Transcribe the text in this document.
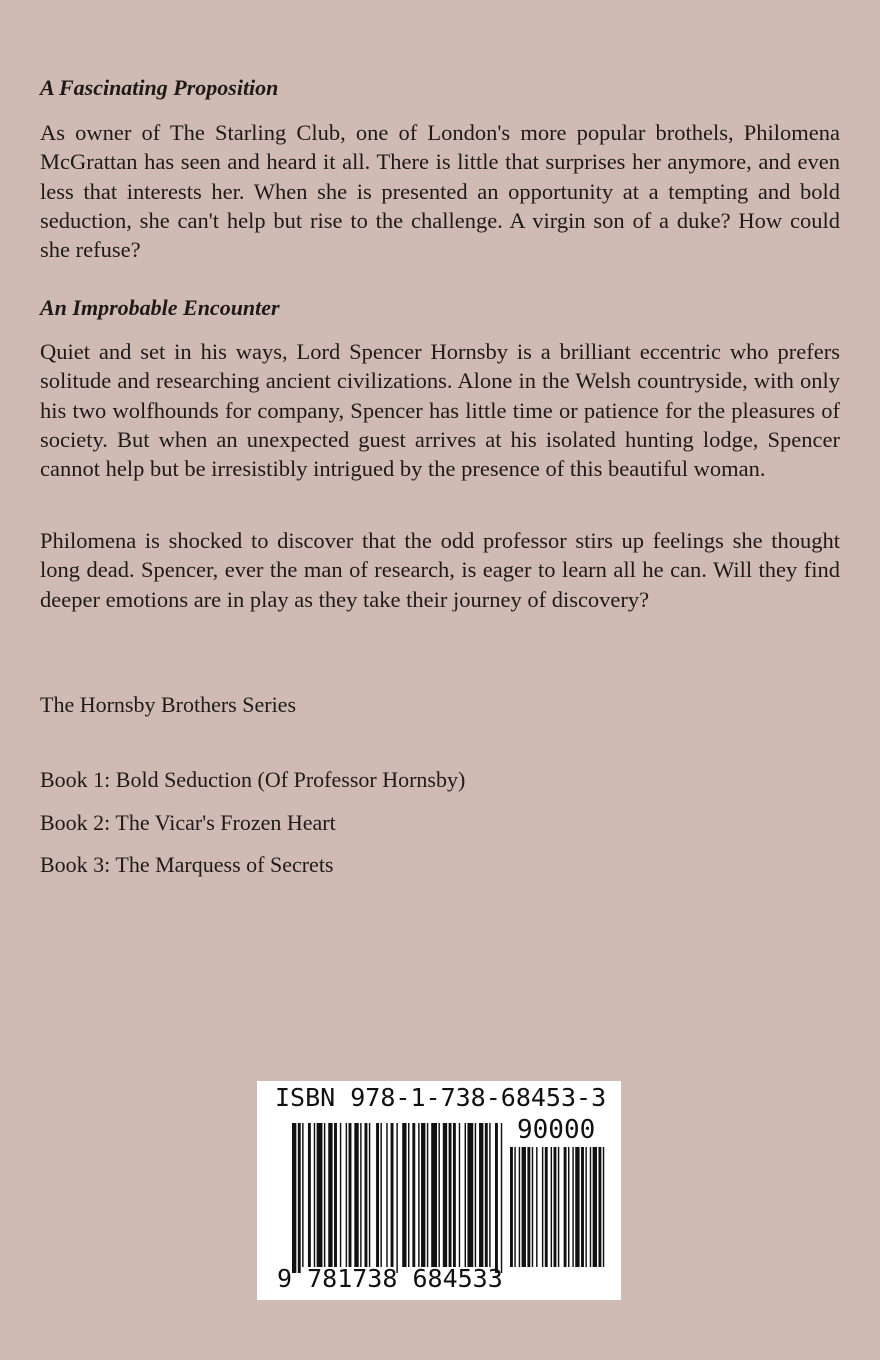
A Fascinating Proposition

As owner of The Starling Club, one of London's more popular brothels, Philomena McGrattan has seen and heard it all. There is little that surprises her anymore, and even less that interests her. When she is presented an opportunity at a tempting and bold seduction, she can't help but rise to the challenge. A virgin son of a duke? How could she refuse?

An Improbable Encounter

Quiet and set in his ways, Lord Spencer Hornsby is a brilliant eccentric who prefers solitude and researching ancient civilizations. Alone in the Welsh countryside, with only his two wolfhounds for company, Spencer has little time or patience for the pleasures of society. But when an unexpected guest arrives at his isolated hunting lodge, Spencer cannot help but be irresistibly intrigued by the presence of this beautiful woman.

Philomena is shocked to discover that the odd professor stirs up feelings she thought long dead. Spencer, ever the man of research, is eager to learn all he can. Will they find deeper emotions are in play as they take their journey of discovery?

The Hornsby Brothers Series
Book 1: Bold Seduction (Of Professor Hornsby)
Book 2: The Vicar's Frozen Heart
Book 3: The Marquess of Secrets
ISBN 978-1-738-68453-3
90000
9 781738 684533
